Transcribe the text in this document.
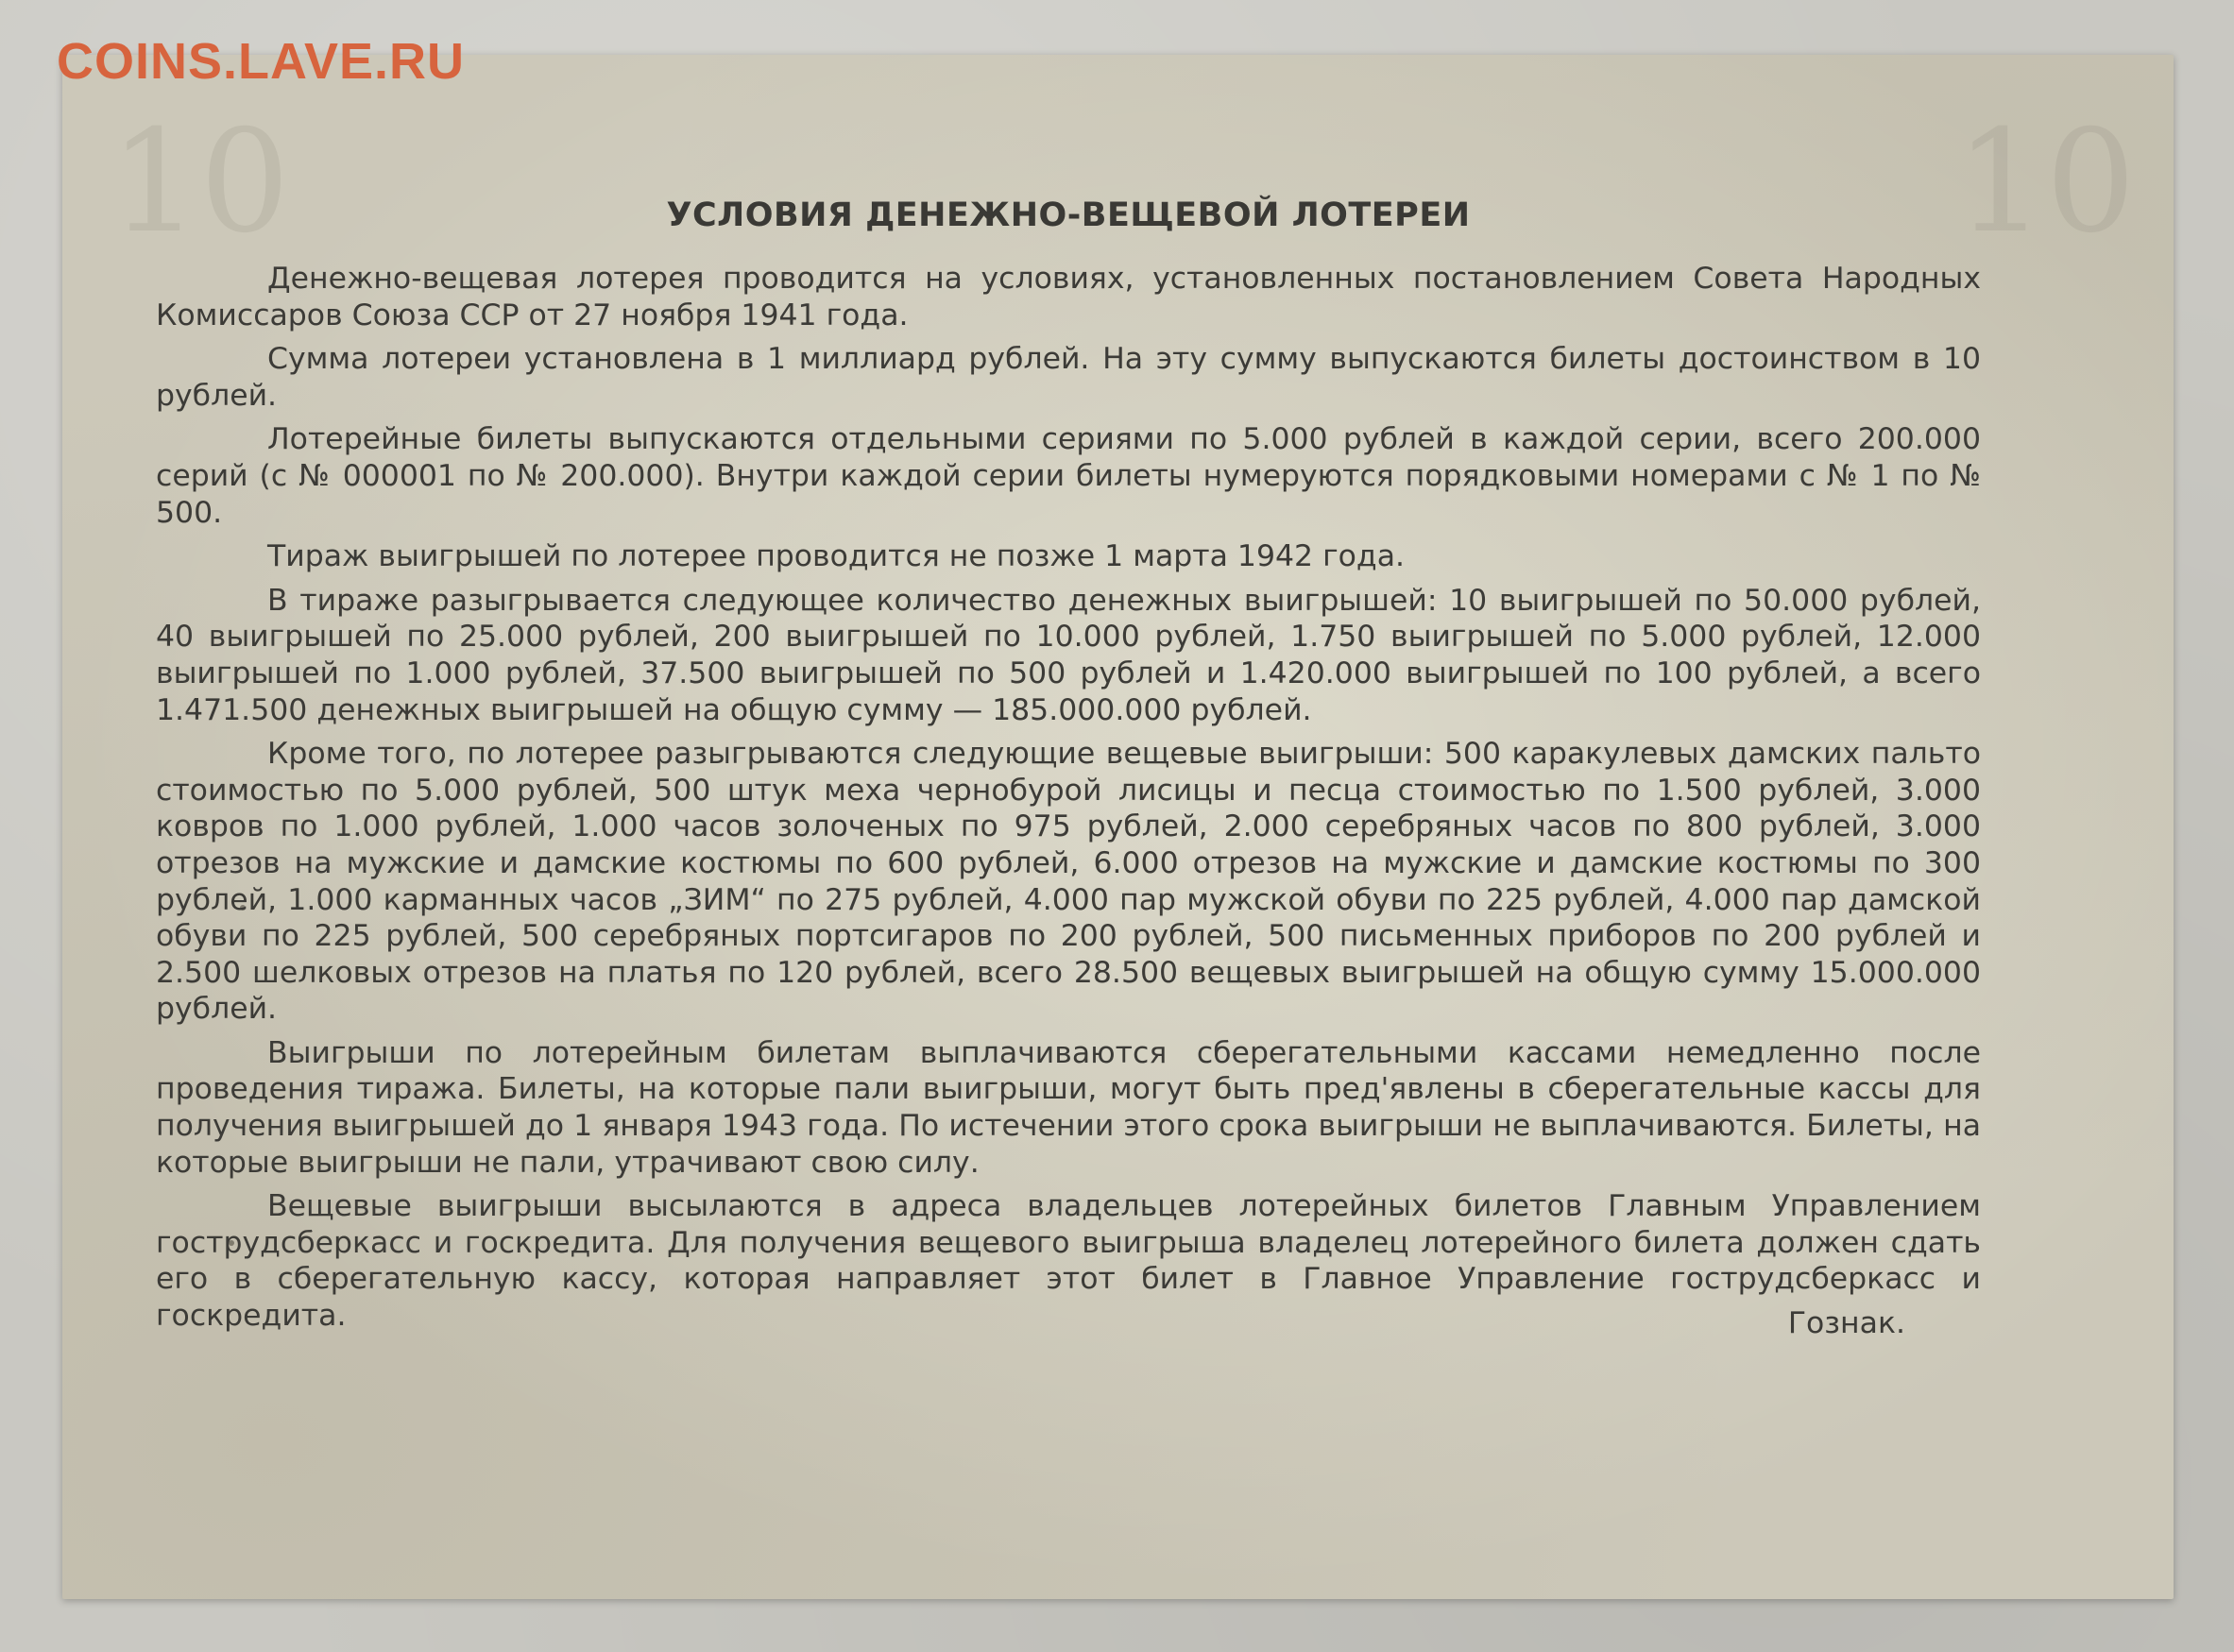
COINS.LAVE.RU
10	10
УСЛОВИЯ ДЕНЕЖНО-ВЕЩЕВОЙ ЛОТЕРЕИ

Денежно-вещевая лотерея проводится на условиях, установленных постановлением Совета Народных Комиссаров Союза ССР от 27 ноября 1941 года.

Сумма лотереи установлена в 1 миллиард рублей. На эту сумму выпускаются билеты достоинством в 10 рублей.

Лотерейные билеты выпускаются отдельными сериями по 5.000 рублей в каждой серии, всего 200.000 серий (с № 000001 по № 200.000). Внутри каждой серии билеты нумеруются порядковыми номерами с № 1 по № 500.

Тираж выигрышей по лотерее проводится не позже 1 марта 1942 года.

В тираже разыгрывается следующее количество денежных выигрышей: 10 выигрышей по 50.000 рублей, 40 выигрышей по 25.000 рублей, 200 выигрышей по 10.000 рублей, 1.750 выигрышей по 5.000 рублей, 12.000 выигрышей по 1.000 рублей, 37.500 выигрышей по 500 рублей и 1.420.000 выигрышей по 100 рублей, а всего 1.471.500 денежных выигрышей на общую сумму — 185.000.000 рублей.

Кроме того, по лотерее разыгрываются следующие вещевые выигрыши: 500 каракулевых дамских пальто стоимостью по 5.000 рублей, 500 штук меха чернобурой лисицы и песца стоимостью по 1.500 рублей, 3.000 ковров по 1.000 рублей, 1.000 часов золоченых по 975 рублей, 2.000 серебряных часов по 800 рублей, 3.000 отрезов на мужские и дамские костюмы по 600 рублей, 6.000 отрезов на мужские и дамские костюмы по 300 рублей, 1.000 карманных часов „ЗИМ“ по 275 рублей, 4.000 пар мужской обуви по 225 рублей, 4.000 пар дамской обуви по 225 рублей, 500 серебряных портсигаров по 200 рублей, 500 письменных приборов по 200 рублей и 2.500 шелковых отрезов на платья по 120 рублей, всего 28.500 вещевых выигрышей на общую сумму 15.000.000 рублей.

Выигрыши по лотерейным билетам выплачиваются сберегательными кассами немедленно после проведения тиража. Билеты, на которые пали выигрыши, могут быть пред'явлены в сберегательные кассы для получения выигрышей до 1 января 1943 года. По истечении этого срока выигрыши не выплачиваются. Билеты, на которые выигрыши не пали, утрачивают свою силу.

Вещевые выигрыши высылаются в адреса владельцев лотерейных билетов Главным Управлением гострудсберкасс и госкредита. Для получения вещевого выигрыша владелец лотерейного билета должен сдать его в сберегательную кассу, которая направляет этот билет в Главное Управление гострудсберкасс и госкредита.	Гознак.
